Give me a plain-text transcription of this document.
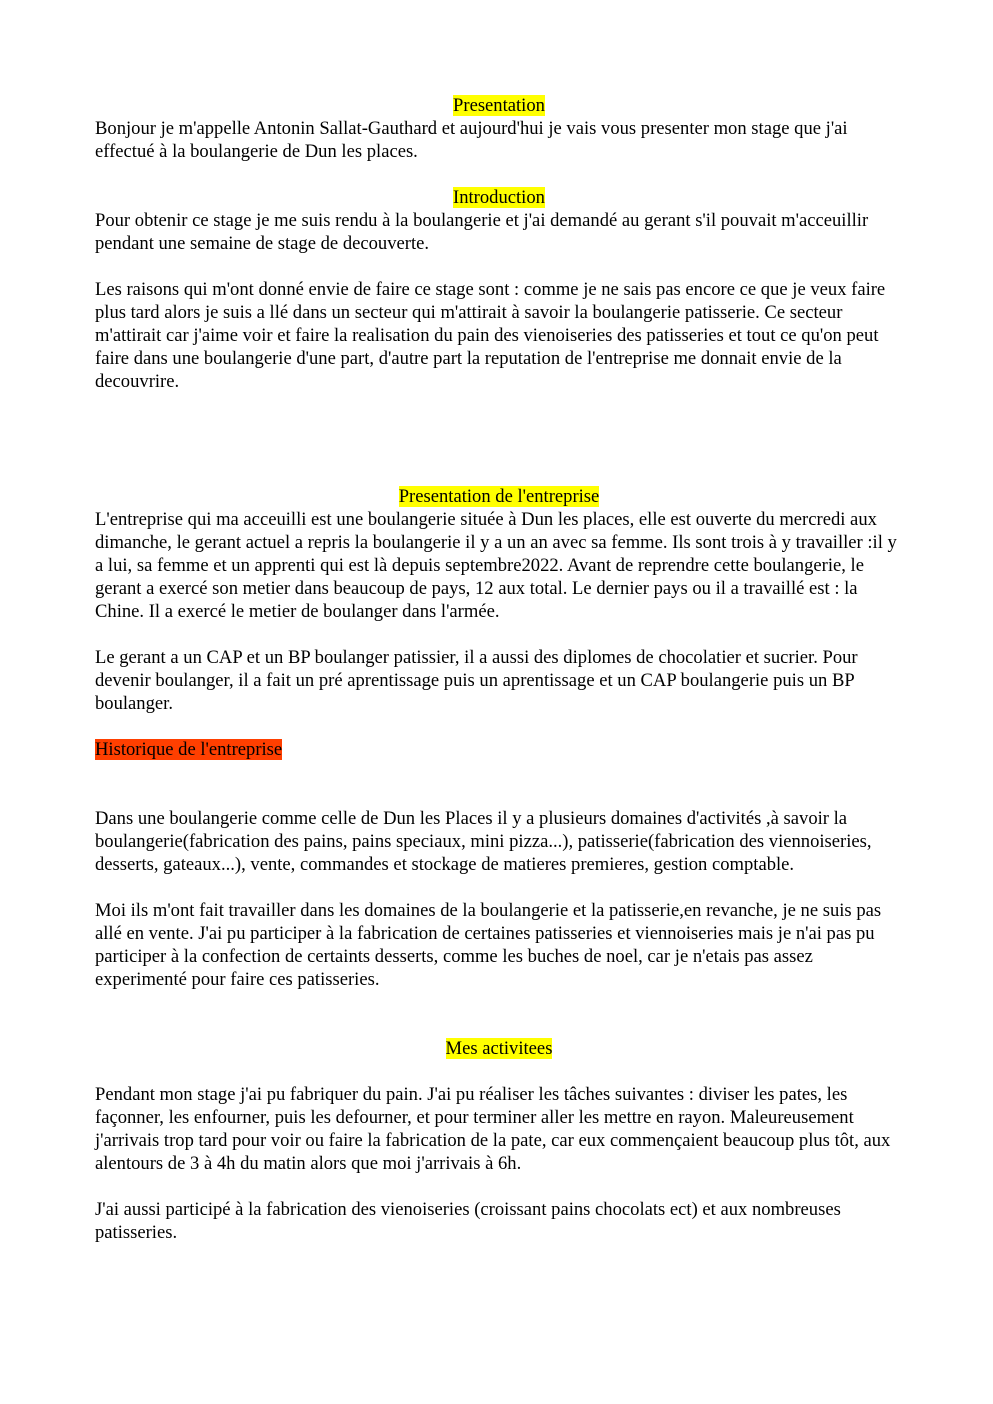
Presentation

Bonjour je m'appelle Antonin Sallat-Gauthard et aujourd'hui je vais vous presenter mon stage que j'ai effectué à la boulangerie de Dun les places.

Introduction

Pour obtenir ce stage je me suis rendu à la boulangerie et j'ai demandé au gerant s'il pouvait m'acceuillir pendant une semaine de stage de decouverte.

Les raisons qui m'ont donné envie de faire ce stage sont : comme je ne sais pas encore ce que je veux faire plus tard alors je suis a llé dans un secteur qui m'attirait à savoir la boulangerie patisserie. Ce secteur m'attirait car j'aime voir et faire la realisation du pain des vienoiseries des patisseries et tout ce qu'on peut faire dans une boulangerie d'une part, d'autre part la reputation de l'entreprise me donnait envie de la decouvrire.

Presentation de l'entreprise

L'entreprise qui ma acceuilli est une boulangerie située à Dun les places, elle est ouverte du mercredi aux dimanche, le gerant actuel a repris la boulangerie il y a un an avec sa femme. Ils sont trois à y travailler :il y a lui, sa femme et un apprenti qui est là depuis septembre2022. Avant de reprendre cette boulangerie, le gerant a exercé son metier dans beaucoup de pays, 12 aux total. Le dernier pays ou il a travaillé est : la Chine. Il a exercé le metier de boulanger dans l'armée.

Le gerant a un CAP et un BP boulanger patissier, il a aussi des diplomes de chocolatier et sucrier. Pour devenir boulanger, il a fait un pré aprentissage puis un aprentissage et un CAP boulangerie puis un BP boulanger.

Historique de l'entreprise

Dans une boulangerie comme celle de Dun les Places il y a plusieurs domaines d'activités ,à savoir la boulangerie(fabrication des pains, pains speciaux, mini pizza...), patisserie(fabrication des viennoiseries, desserts, gateaux...), vente, commandes et stockage de matieres premieres, gestion comptable.

Moi ils m'ont fait travailler dans les domaines de la boulangerie et la patisserie,en revanche, je ne suis pas allé en vente. J'ai pu participer à la fabrication de certaines patisseries et viennoiseries mais je n'ai pas pu participer à la confection de certaints desserts, comme les buches de noel, car je n'etais pas assez experimenté pour faire ces patisseries.

Mes activitees

Pendant mon stage j'ai pu fabriquer du pain. J'ai pu réaliser les tâches suivantes : diviser les pates, les façonner, les enfourner, puis les defourner, et pour terminer aller les mettre en rayon. Maleureusement j'arrivais trop tard pour voir ou faire la fabrication de la pate, car eux commençaient beaucoup plus tôt, aux alentours de 3 à 4h du matin alors que moi j'arrivais à 6h.

J'ai aussi participé à la fabrication des vienoiseries (croissant pains chocolats ect) et aux nombreuses patisseries.
